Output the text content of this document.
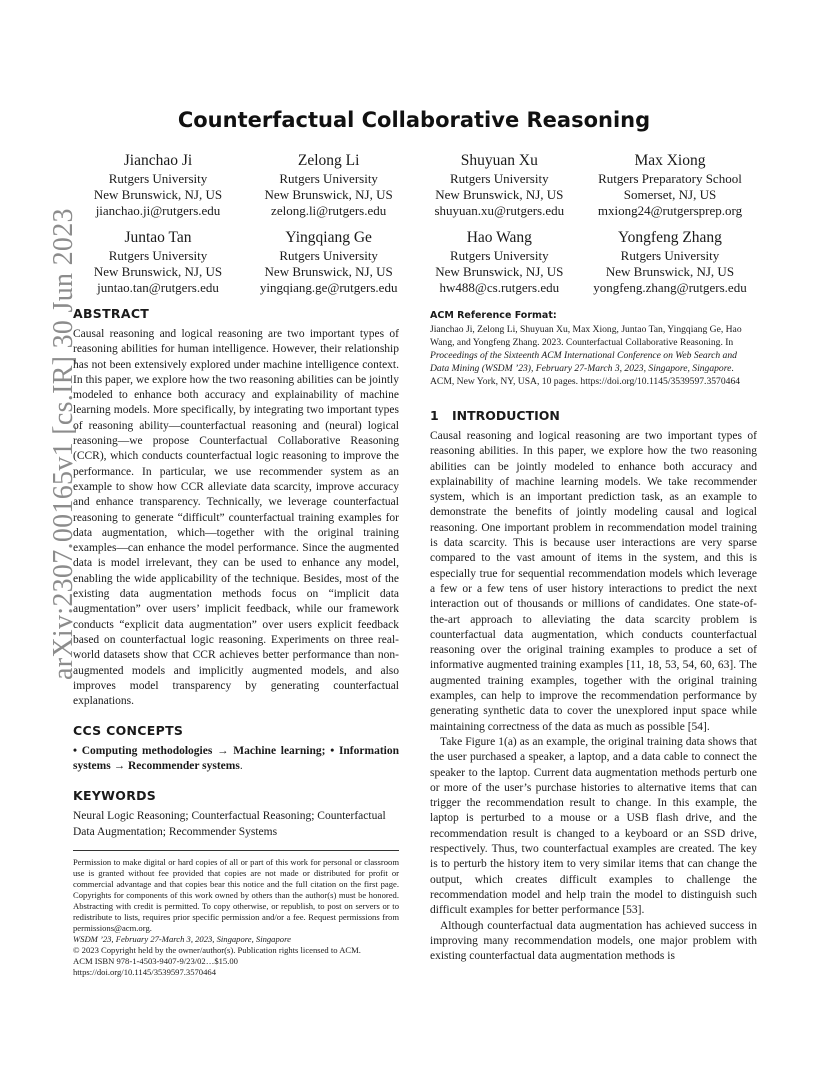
arXiv:2307.00165v1 [cs.IR] 30 Jun 2023
Counterfactual Collaborative Reasoning
Jianchao Ji
Rutgers University
New Brunswick, NJ, US
jianchao.ji@rutgers.edu
Zelong Li
Rutgers University
New Brunswick, NJ, US
zelong.li@rutgers.edu
Shuyuan Xu
Rutgers University
New Brunswick, NJ, US
shuyuan.xu@rutgers.edu
Max Xiong
Rutgers Preparatory School
Somerset, NJ, US
mxiong24@rutgersprep.org
Juntao Tan
Rutgers University
New Brunswick, NJ, US
juntao.tan@rutgers.edu
Yingqiang Ge
Rutgers University
New Brunswick, NJ, US
yingqiang.ge@rutgers.edu
Hao Wang
Rutgers University
New Brunswick, NJ, US
hw488@cs.rutgers.edu
Yongfeng Zhang
Rutgers University
New Brunswick, NJ, US
yongfeng.zhang@rutgers.edu
ABSTRACT

Causal reasoning and logical reasoning are two important types of reasoning abilities for human intelligence. However, their relationship has not been extensively explored under machine intelligence context. In this paper, we explore how the two reasoning abilities can be jointly modeled to enhance both accuracy and explainability of machine learning models. More specifically, by integrating two important types of reasoning ability—counterfactual reasoning and (neural) logical reasoning—we propose Counterfactual Collaborative Reasoning (CCR), which conducts counterfactual logic reasoning to improve the performance. In particular, we use recommender system as an example to show how CCR alleviate data scarcity, improve accuracy and enhance transparency. Technically, we leverage counterfactual reasoning to generate “difficult” counterfactual training examples for data augmentation, which—together with the original training examples—can enhance the model performance. Since the augmented data is model irrelevant, they can be used to enhance any model, enabling the wide applicability of the technique. Besides, most of the existing data augmentation methods focus on “implicit data augmentation” over users’ implicit feedback, while our framework conducts “explicit data augmentation” over users explicit feedback based on counterfactual logic reasoning. Experiments on three real-world datasets show that CCR achieves better performance than non-augmented models and implicitly augmented models, and also improves model transparency by generating counterfactual explanations.

CCS CONCEPTS
• Computing methodologies → Machine learning; • Information systems → Recommender systems.
KEYWORDS

Neural Logic Reasoning; Counterfactual Reasoning; Counterfactual Data Augmentation; Recommender Systems

Permission to make digital or hard copies of all or part of this work for personal or classroom use is granted without fee provided that copies are not made or distributed for profit or commercial advantage and that copies bear this notice and the full citation on the first page. Copyrights for components of this work owned by others than the author(s) must be honored. Abstracting with credit is permitted. To copy otherwise, or republish, to post on servers or to redistribute to lists, requires prior specific permission and/or a fee. Request permissions from permissions@acm.org.
WSDM ’23, February 27-March 3, 2023, Singapore, Singapore
© 2023 Copyright held by the owner/author(s). Publication rights licensed to ACM.
ACM ISBN 978-1-4503-9407-9/23/02…$15.00
https://doi.org/10.1145/3539597.3570464
ACM Reference Format:
Jianchao Ji, Zelong Li, Shuyuan Xu, Max Xiong, Juntao Tan, Yingqiang Ge, Hao Wang, and Yongfeng Zhang. 2023. Counterfactual Collaborative Reasoning. In Proceedings of the Sixteenth ACM International Conference on Web Search and Data Mining (WSDM ’23), February 27-March 3, 2023, Singapore, Singapore. ACM, New York, NY, USA, 10 pages. https://doi.org/10.1145/3539597.3570464
1 INTRODUCTION

Causal reasoning and logical reasoning are two important types of reasoning abilities. In this paper, we explore how the two reasoning abilities can be jointly modeled to enhance both accuracy and explainability of machine learning models. We take recommender system, which is an important prediction task, as an example to demonstrate the benefits of jointly modeling causal and logical reasoning. One important problem in recommendation model training is data scarcity. This is because user interactions are very sparse compared to the vast amount of items in the system, and this is especially true for sequential recommendation models which leverage a few or a few tens of user history interactions to predict the next interaction out of thousands or millions of candidates. One state-of-the-art approach to alleviating the data scarcity problem is counterfactual data augmentation, which conducts counterfactual reasoning over the original training examples to produce a set of informative augmented training examples [11, 18, 53, 54, 60, 63]. The augmented training examples, together with the original training examples, can help to improve the recommendation performance by generating synthetic data to cover the unexplored input space while maintaining correctness of the data as much as possible [54].

Take Figure 1(a) as an example, the original training data shows that the user purchased a speaker, a laptop, and a data cable to connect the speaker to the laptop. Current data augmentation methods perturb one or more of the user’s purchase histories to alternative items that can trigger the recommendation result to change. In this example, the laptop is perturbed to a mouse or a USB flash drive, and the recommendation result is changed to a keyboard or an SSD drive, respectively. Thus, two counterfactual examples are created. The key is to perturb the history item to very similar items that can change the output, which creates difficult examples to challenge the recommendation model and help train the model to distinguish such difficult examples for better performance [53].

Although counterfactual data augmentation has achieved success in improving many recommendation models, one major problem with existing counterfactual data augmentation methods is
